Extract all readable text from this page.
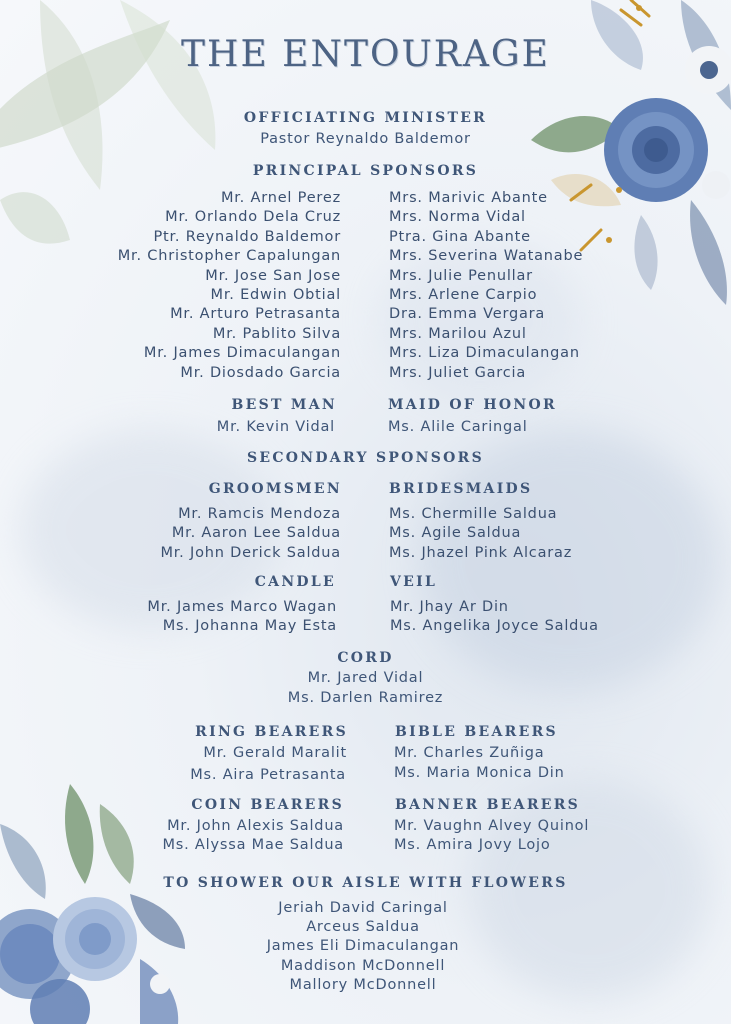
THE ENTOURAGE
OFFICIATING MINISTER
Pastor Reynaldo Baldemor
PRINCIPAL SPONSORS
Mr. Arnel Perez
Mr. Orlando Dela Cruz
Ptr. Reynaldo Baldemor
Mr. Christopher Capalungan
Mr. Jose San Jose
Mr. Edwin Obtial
Mr. Arturo Petrasanta
Mr. Pablito Silva
Mr. James Dimaculangan
Mr. Diosdado Garcia
Mrs. Marivic Abante
Mrs. Norma Vidal
Ptra. Gina Abante
Mrs. Severina Watanabe
Mrs. Julie Penullar
Mrs. Arlene Carpio
Dra. Emma Vergara
Mrs. Marilou Azul
Mrs. Liza Dimaculangan
Mrs. Juliet Garcia
BEST MAN
Mr. Kevin Vidal
MAID OF HONOR
Ms. Alile Caringal
SECONDARY SPONSORS
GROOMSMEN
Mr. Ramcis Mendoza
Mr. Aaron Lee Saldua
Mr. John Derick Saldua
BRIDESMAIDS
Ms. Chermille Saldua
Ms. Agile Saldua
Ms. Jhazel Pink Alcaraz
CANDLE
Mr. James Marco Wagan
Ms. Johanna May Esta
VEIL
Mr. Jhay Ar Din
Ms. Angelika Joyce Saldua
CORD
Mr. Jared Vidal
Ms. Darlen Ramirez
RING BEARERS
Mr. Gerald Maralit
Ms. Aira Petrasanta
BIBLE BEARERS
Mr. Charles Zuñiga
Ms. Maria Monica Din
COIN BEARERS
Mr. John Alexis Saldua
Ms. Alyssa Mae Saldua
BANNER BEARERS
Mr. Vaughn Alvey Quinol
Ms. Amira Jovy Lojo
TO SHOWER OUR AISLE WITH FLOWERS
Jeriah David Caringal
Arceus Saldua
James Eli Dimaculangan
Maddison McDonnell
Mallory McDonnell
